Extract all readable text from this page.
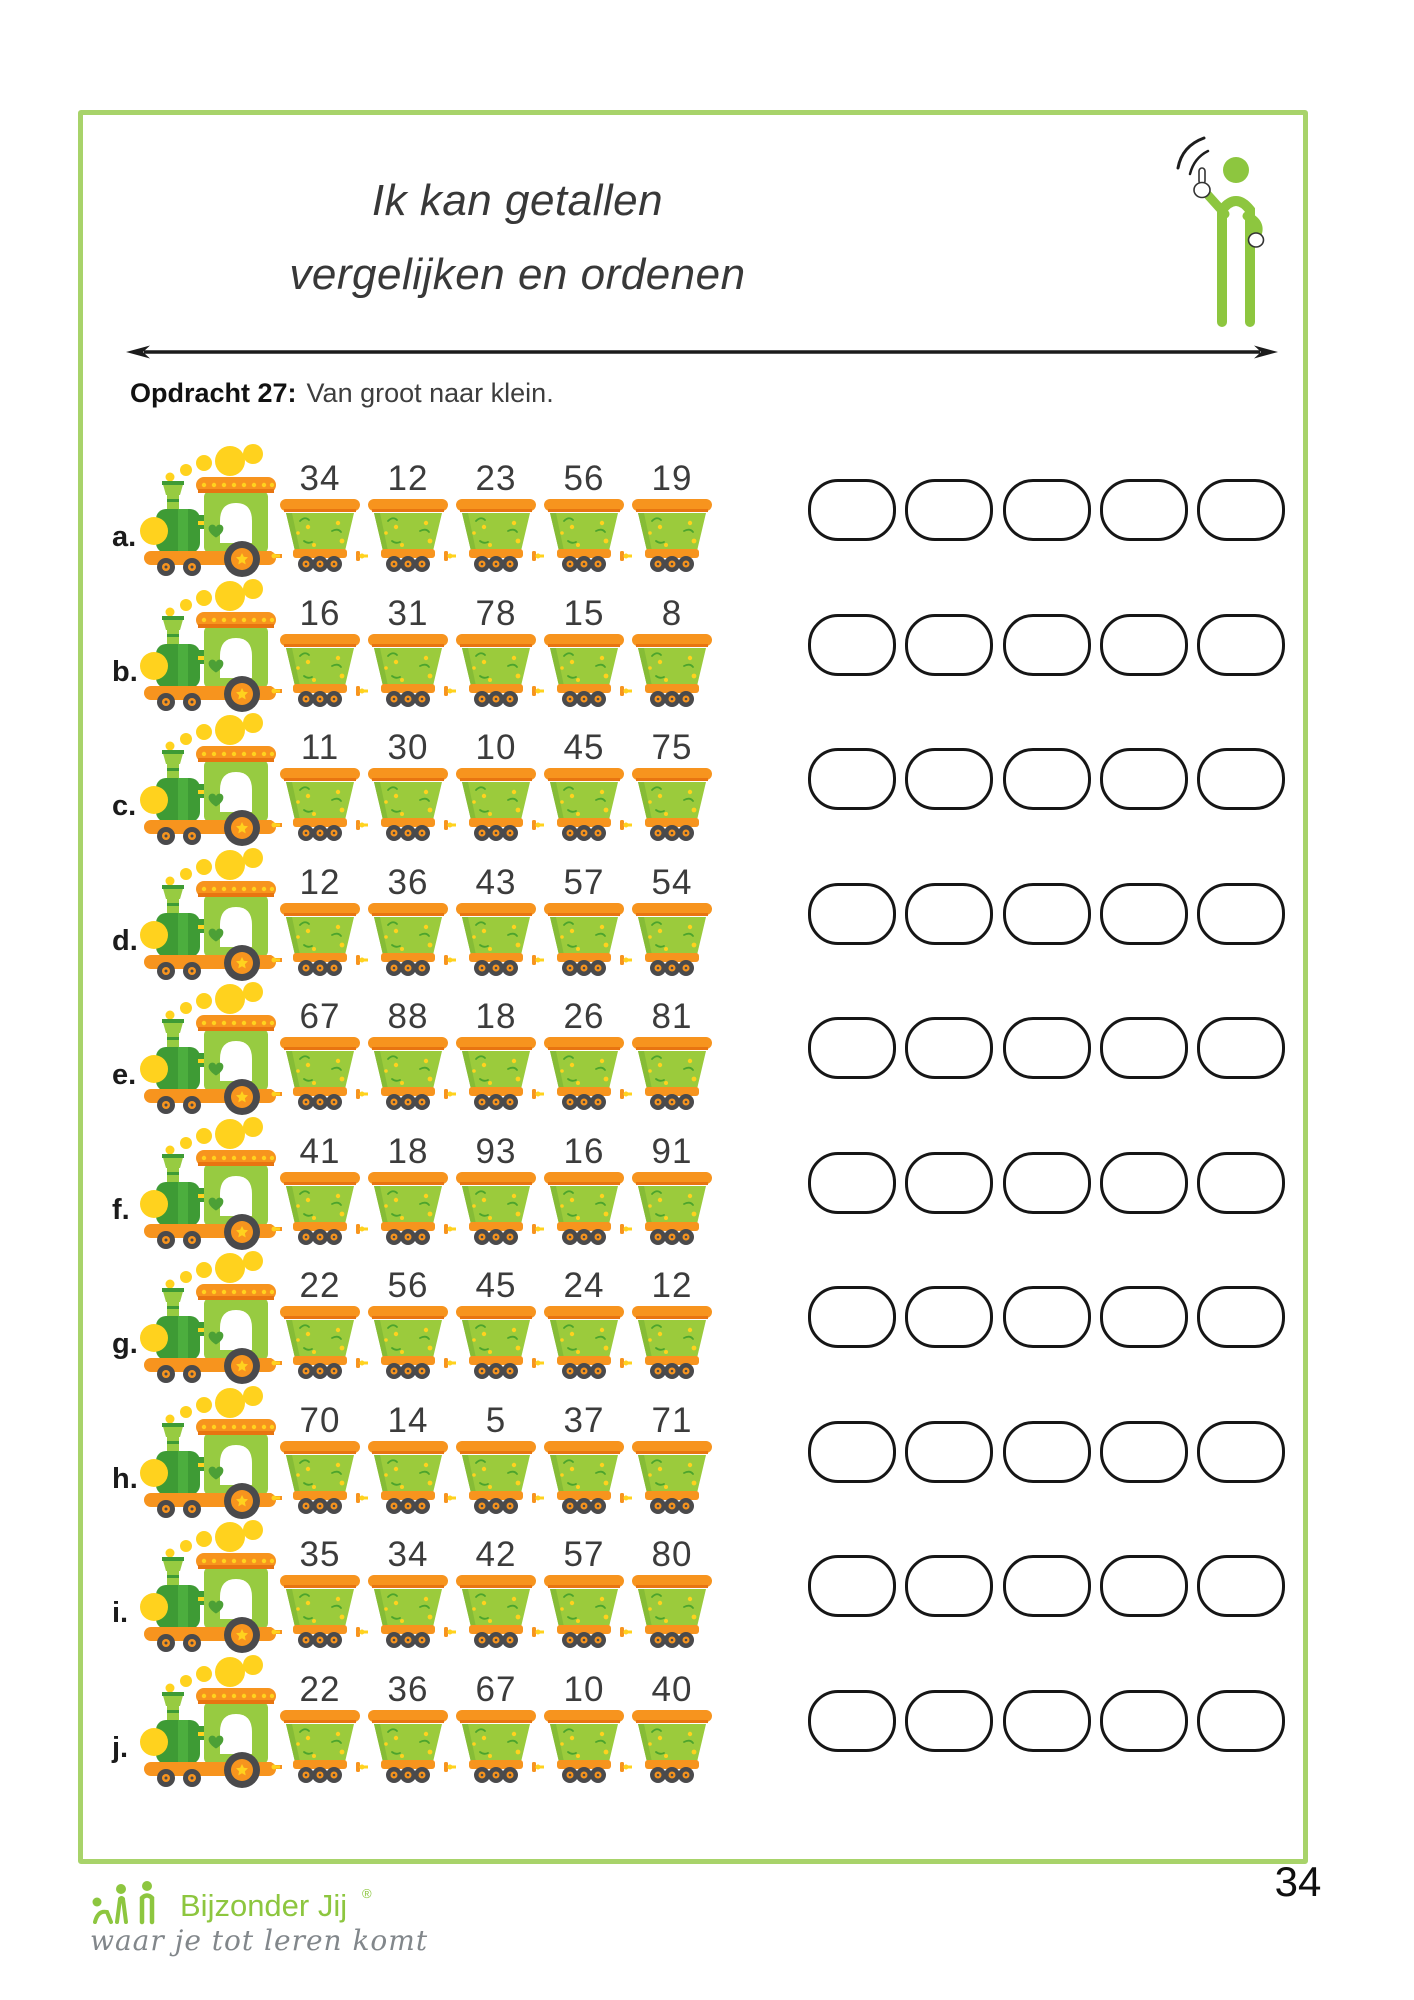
Ik kan getallen
vergelijken en ordenen
Opdracht 27: Van groot naar klein.
a.
34	12	23	56	19
b.
16	31	78	15	8
c.
11	30	10	45	75
d.
12	36	43	57	54
e.
67	88	18	26	81
f.
41	18	93	16	91
g.
22	56	45	24	12
h.
70	14	5	37	71
i.
35	34	42	57	80
j.
22	36	67	10	40
Bijzonder Jij ®
waar je tot leren komt
34
